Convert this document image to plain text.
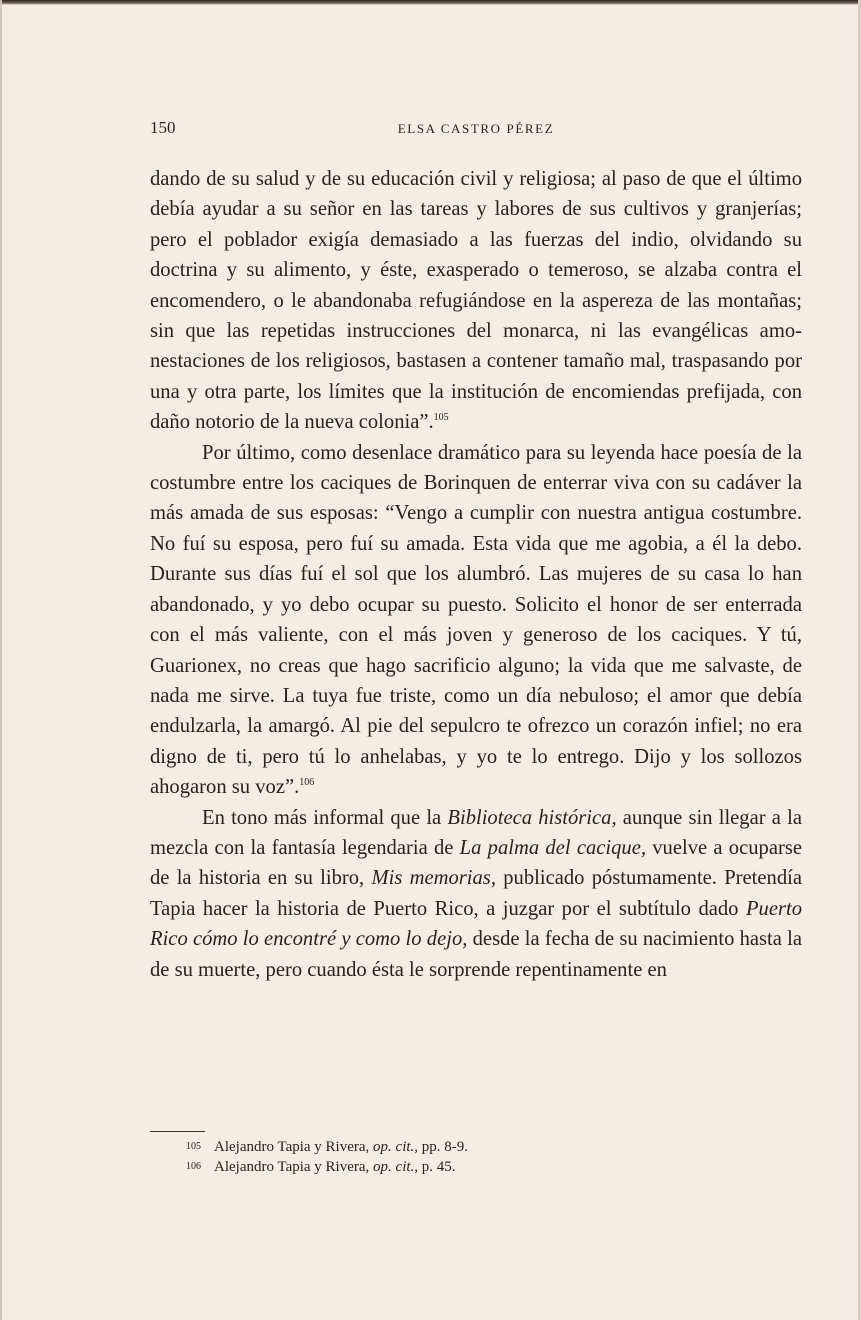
150	ELSA CASTRO PÉREZ

dando de su salud y de su educación civil y religiosa; al paso de que el último debía ayudar a su señor en las tareas y labores de sus cultivos y granjerías; pero el poblador exigía demasiado a las fuerzas del indio, olvidando su doctrina y su alimento, y éste, exasperado o temeroso, se alzaba contra el encomendero, o le abandonaba refugiándose en la aspereza de las montañas; sin que las repetidas instrucciones del monarca, ni las evangélicas amonestaciones de los religiosos, bastasen a contener tamaño mal, traspasando por una y otra parte, los límites que la institución de encomiendas prefijada, con daño notorio de la nueva colonia”.$^{105}$

Por último, como desenlace dramático para su leyenda hace poesía de la costumbre entre los caciques de Borinquen de enterrar viva con su cadáver la más amada de sus esposas: “Vengo a cumplir con nuestra antigua costumbre. No fuí su esposa, pero fuí su amada. Esta vida que me agobia, a él la debo. Durante sus días fuí el sol que los alumbró. Las mujeres de su casa lo han abandonado, y yo debo ocupar su puesto. Solicito el honor de ser enterrada con el más valiente, con el más joven y generoso de los caciques. Y tú, Guarionex, no creas que hago sacrificio alguno; la vida que me salvaste, de nada me sirve. La tuya fue triste, como un día nebuloso; el amor que debía endulzarla, la amargó. Al pie del sepulcro te ofrezco un corazón infiel; no era digno de ti, pero tú lo anhelabas, y yo te lo entrego. Dijo y los sollozos ahogaron su voz”.$^{106}$

En tono más informal que la Biblioteca histórica, aunque sin llegar a la mezcla con la fantasía legendaria de La palma del cacique, vuelve a ocuparse de la historia en su libro, Mis memorias, publicado póstumamente. Pretendía Tapia hacer la historia de Puerto Rico, a juzgar por el subtítulo dado Puerto Rico cómo lo encontré y como lo dejo, desde la fecha de su nacimiento hasta la de su muerte, pero cuando ésta le sorprende repentinamente en

105 Alejandro Tapia y Rivera, op. cit., pp. 8-9.
106 Alejandro Tapia y Rivera, op. cit., p. 45.
